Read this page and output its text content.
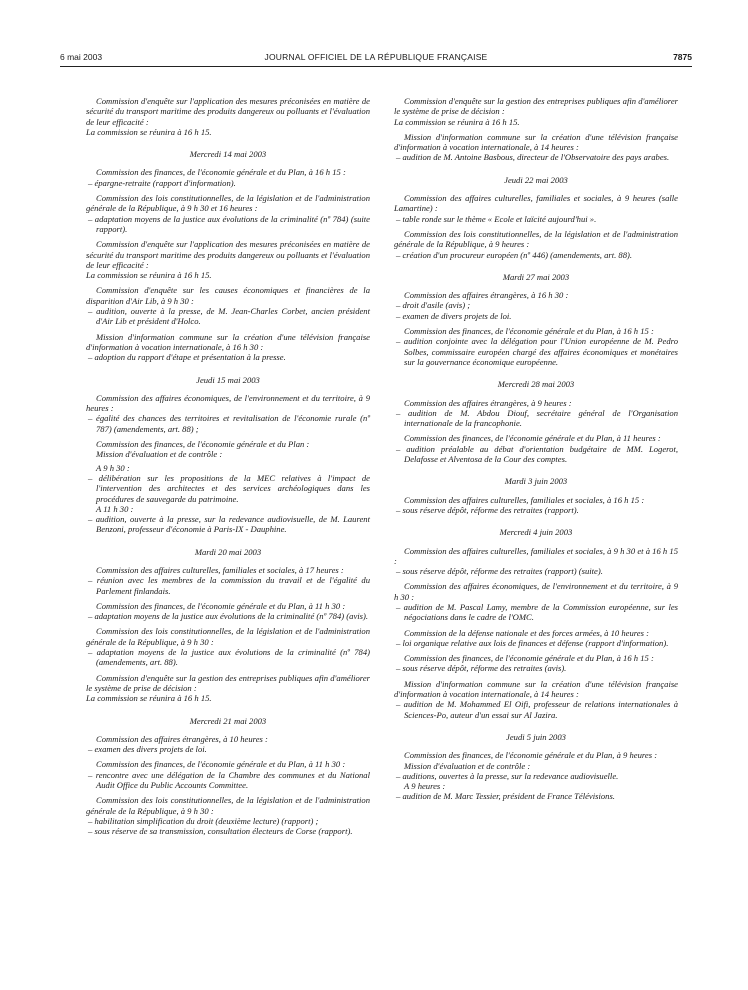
6 mai 2003	JOURNAL OFFICIEL DE LA RÉPUBLIQUE FRANÇAISE	7875

Commission d'enquête sur l'application des mesures préconisées en matière de sécurité du transport maritime des produits dangereux ou polluants et l'évaluation de leur efficacité :

La commission se réunira à 16 h 15.

Mercredi 14 mai 2003

Commission des finances, de l'économie générale et du Plan, à 16 h 15 :

– épargne-retraite (rapport d'information).

Commission des lois constitutionnelles, de la législation et de l'administration générale de la République, à 9 h 30 et 16 heures :

– adaptation moyens de la justice aux évolutions de la criminalité (nº 784) (suite rapport).

Commission d'enquête sur l'application des mesures préconisées en matière de sécurité du transport maritime des produits dangereux ou polluants et l'évaluation de leur efficacité :

La commission se réunira à 16 h 15.

Commission d'enquête sur les causes économiques et financières de la disparition d'Air Lib, à 9 h 30 :

– audition, ouverte à la presse, de M. Jean-Charles Corbet, ancien président d'Air Lib et président d'Holco.

Mission d'information commune sur la création d'une télévision française d'information à vocation internationale, à 16 h 30 :

– adoption du rapport d'étape et présentation à la presse.

Jeudi 15 mai 2003

Commission des affaires économiques, de l'environnement et du territoire, à 9 heures :

– égalité des chances des territoires et revitalisation de l'économie rurale (nº 787) (amendements, art. 88) ;

Commission des finances, de l'économie générale et du Plan :

Mission d'évaluation et de contrôle :

A 9 h 30 :

– délibération sur les propositions de la MEC relatives à l'impact de l'intervention des architectes et des services archéologiques dans les procédures de sauvegarde du patrimoine.

A 11 h 30 :

– audition, ouverte à la presse, sur la redevance audiovisuelle, de M. Laurent Benzoni, professeur d'économie à Paris-IX - Dauphine.

Mardi 20 mai 2003

Commission des affaires culturelles, familiales et sociales, à 17 heures :

– réunion avec les membres de la commission du travail et de l'égalité du Parlement finlandais.

Commission des finances, de l'économie générale et du Plan, à 11 h 30 :

– adaptation moyens de la justice aux évolutions de la criminalité (nº 784) (avis).

Commission des lois constitutionnelles, de la législation et de l'administration générale de la République, à 9 h 30 :

– adaptation moyens de la justice aux évolutions de la criminalité (nº 784) (amendements, art. 88).

Commission d'enquête sur la gestion des entreprises publiques afin d'améliorer le système de prise de décision :

La commission se réunira à 16 h 15.

Mercredi 21 mai 2003

Commission des affaires étrangères, à 10 heures :

– examen des divers projets de loi.

Commission des finances, de l'économie générale et du Plan, à 11 h 30 :

– rencontre avec une délégation de la Chambre des communes et du National Audit Office du Public Accounts Committee.

Commission des lois constitutionnelles, de la législation et de l'administration générale de la République, à 9 h 30 :

– habilitation simplification du droit (deuxième lecture) (rapport) ;

– sous réserve de sa transmission, consultation électeurs de Corse (rapport).

Commission d'enquête sur la gestion des entreprises publiques afin d'améliorer le système de prise de décision :

La commission se réunira à 16 h 15.

Mission d'information commune sur la création d'une télévision française d'information à vocation internationale, à 14 heures :

– audition de M. Antoine Basbous, directeur de l'Observatoire des pays arabes.

Jeudi 22 mai 2003

Commission des affaires culturelles, familiales et sociales, à 9 heures (salle Lamartine) :

– table ronde sur le thème « Ecole et laïcité aujourd'hui ».

Commission des lois constitutionnelles, de la législation et de l'administration générale de la République, à 9 heures :

– création d'un procureur européen (nº 446) (amendements, art. 88).

Mardi 27 mai 2003

Commission des affaires étrangères, à 16 h 30 :

– droit d'asile (avis) ;

– examen de divers projets de loi.

Commission des finances, de l'économie générale et du Plan, à 16 h 15 :

– audition conjointe avec la délégation pour l'Union européenne de M. Pedro Solbes, commissaire européen chargé des affaires économiques et monétaires sur la gouvernance économique européenne.

Mercredi 28 mai 2003

Commission des affaires étrangères, à 9 heures :

– audition de M. Abdou Diouf, secrétaire général de l'Organisation internationale de la francophonie.

Commission des finances, de l'économie générale et du Plan, à 11 heures :

– audition préalable au débat d'orientation budgétaire de MM. Logerot, Delafosse et Alventosa de la Cour des comptes.

Mardi 3 juin 2003

Commission des affaires culturelles, familiales et sociales, à 16 h 15 :

– sous réserve dépôt, réforme des retraites (rapport).

Mercredi 4 juin 2003

Commission des affaires culturelles, familiales et sociales, à 9 h 30 et à 16 h 15 :

– sous réserve dépôt, réforme des retraites (rapport) (suite).

Commission des affaires économiques, de l'environnement et du territoire, à 9 h 30 :

– audition de M. Pascal Lamy, membre de la Commission européenne, sur les négociations dans le cadre de l'OMC.

Commission de la défense nationale et des forces armées, à 10 heures :

– loi organique relative aux lois de finances et défense (rapport d'information).

Commission des finances, de l'économie générale et du Plan, à 16 h 15 :

– sous réserve dépôt, réforme des retraites (avis).

Mission d'information commune sur la création d'une télévision française d'information à vocation internationale, à 14 heures :

– audition de M. Mohammed El Oifi, professeur de relations internationales à Sciences-Po, auteur d'un essai sur Al Jazira.

Jeudi 5 juin 2003

Commission des finances, de l'économie générale et du Plan, à 9 heures :

Mission d'évaluation et de contrôle :

– auditions, ouvertes à la presse, sur la redevance audiovisuelle.

A 9 heures :

– audition de M. Marc Tessier, président de France Télévisions.
